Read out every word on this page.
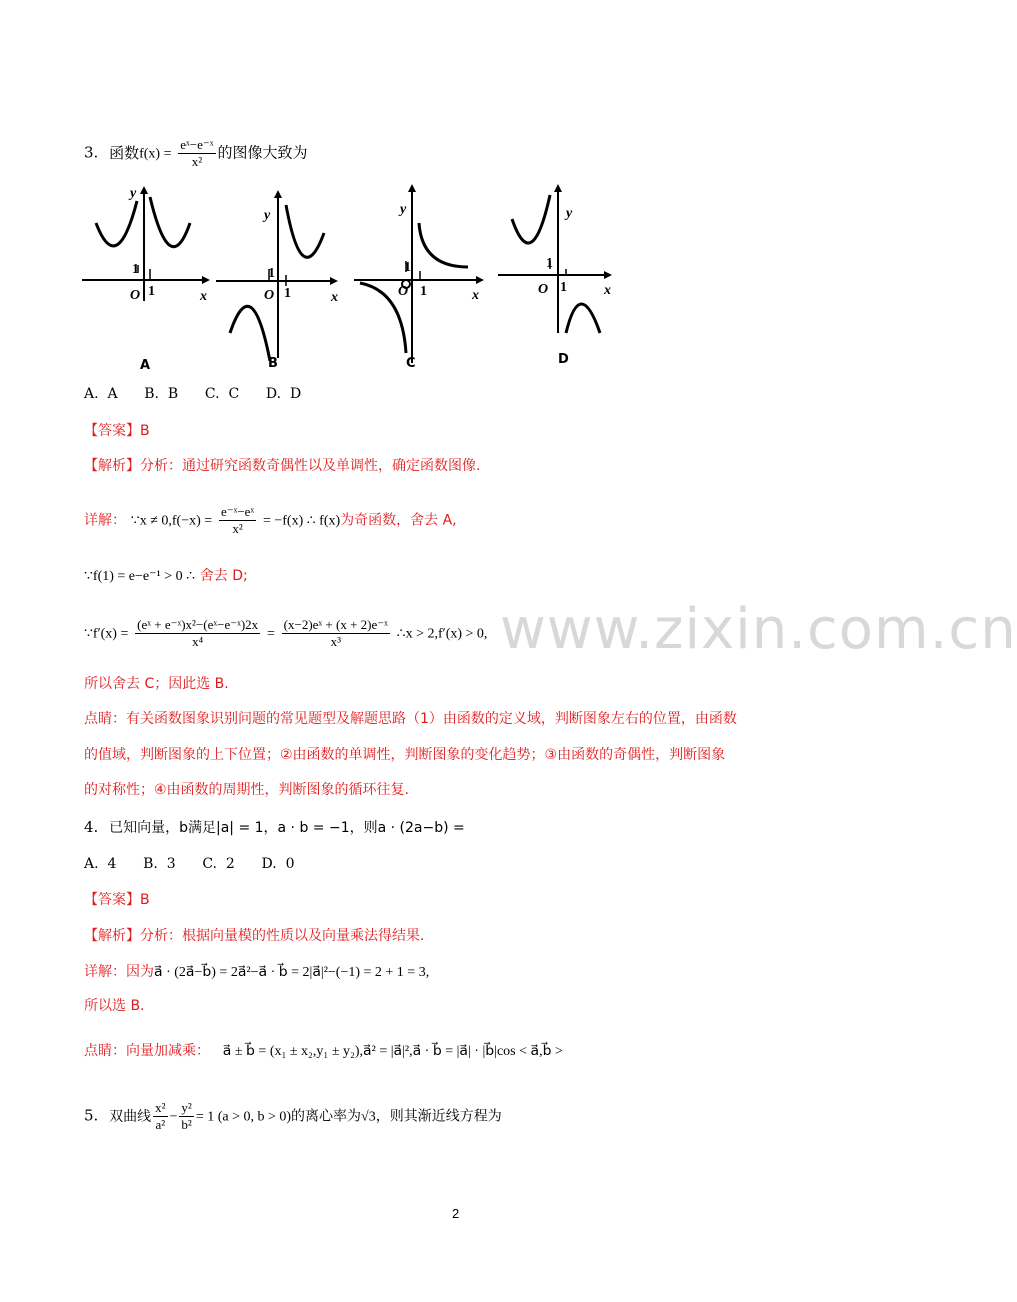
3. 函数$f(x) = \frac{\text{eˣ−e⁻ˣ}}{\text{x²}}$ 的图像大致为
y
x
O 1
1
y
x
O 1
1
y
x
O 1
1
y
x
O 1
1
A	B	C	D
A.  A      B.  B      C.  C      D.  D
【答案】B
【解析】分析：通过研究函数奇偶性以及单调性，确定函数图像.
详解： ∵x ≠ $0,f(-x) = \frac{\text{e⁻ˣ−eˣ}}{\text{x²}} = -f(x)$ ∴ f(x)为奇函数，舍去 A,
∵f(1) = e−e⁻¹ > 0 ∴ 舍去 D;
∵fʹ(x) = $\frac{\text{(eˣ + e⁻ˣ)x²−(eˣ−e⁻ˣ)2x}}{\text{x⁴}} = \frac{\text{(x−2)eˣ + (x + 2)e⁻ˣ}}{\text{x³}}$ ∴x > 2,fʹ(x) > 0,
所以舍去 C；因此选 B.
点睛：有关函数图象识别问题的常见题型及解题思路（1）由函数的定义域，判断图象左右的位置，由函数
的值域，判断图象的上下位置；②由函数的单调性，判断图象的变化趋势；③由函数的奇偶性，判断图象
的对称性；④由函数的周期性，判断图象的循环往复.
4. 已知向量，b满足|a| = 1，a · b = −1，则a · (2a−b) =
A.  4      B.  3      C.  2      D.  0
【答案】B
【解析】分析：根据向量模的性质以及向量乘法得结果.
详解：因为a⃗ · (2a⃗−b⃗) = 2a⃗²−a⃗ · b⃗ = 2|a⃗|²−(−1) = 2 + 1 = 3,
所以选 B.
点睛：向量加减乘： a⃗ ± b⃗ = (x₁ ± x₂,y₁ ± y₂),a⃗² = |a⃗|²,a⃗ · b⃗ = |a⃗| · |b⃗|cos < a⃗,b⃗ >
5. 双曲线 $\frac{\text{x²}}{\text{a²}} - \frac{\text{y²}}{\text{b²}} = 1$ (a > 0, b > 0)的离心率为√3，则其渐近线方程为
www.zixin.com.cn
2
